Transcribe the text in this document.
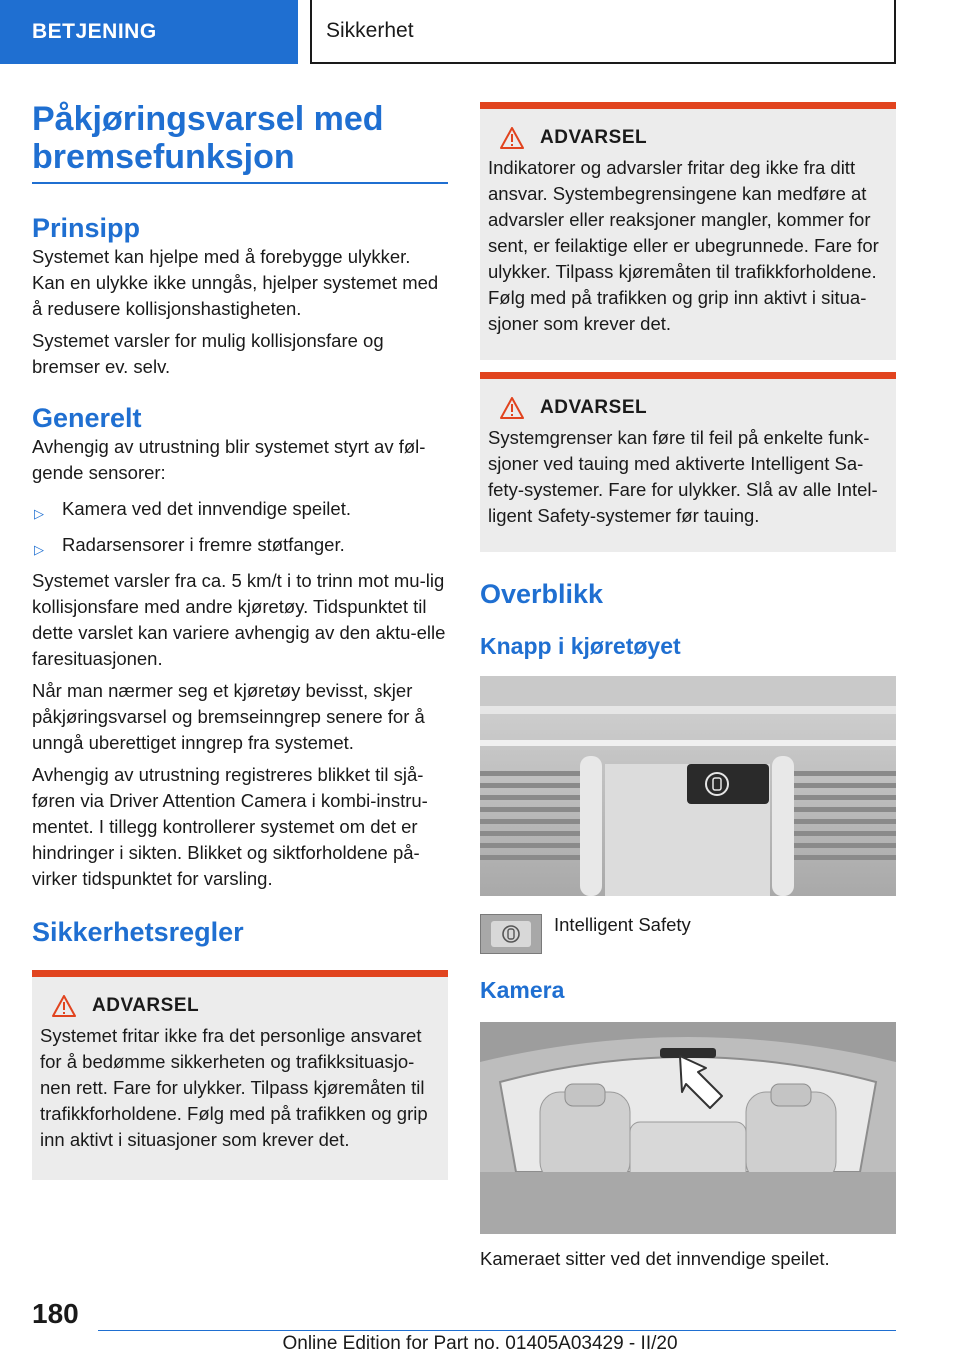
BETJENING	Sikkerhet
Påkjøringsvarsel med bremsefunksjon
Prinsipp

Systemet kan hjelpe med å forebygge ulykker. Kan en ulykke ikke unngås, hjelper systemet med å redusere kollisjonshastigheten.

Systemet varsler for mulig kollisjonsfare og bremser ev. selv.

Generelt

Avhengig av utrustning blir systemet styrt av føl-gende sensorer:

▷ Kamera ved det innvendige speilet.
▷ Radarsensorer i fremre støtfanger.

Systemet varsler fra ca. 5 km/t i to trinn mot mu-lig kollisjonsfare med andre kjøretøy. Tidspunktet til dette varslet kan variere avhengig av den aktu-elle faresituasjonen.

Når man nærmer seg et kjøretøy bevisst, skjer påkjøringsvarsel og bremseinngrep senere for å unngå uberettiget inngrep fra systemet.

Avhengig av utrustning registreres blikket til sjå-føren via Driver Attention Camera i kombi-instru-mentet. I tillegg kontrollerer systemet om det er hindringer i sikten. Blikket og siktforholdene på-virker tidspunktet for varsling.

Sikkerhetsregler
ADVARSEL

Systemet fritar ikke fra det personlige ansvaret for å bedømme sikkerheten og trafikksituasjo-nen rett. Fare for ulykker. Tilpass kjøremåten til trafikkforholdene. Følg med på trafikken og grip inn aktivt i situasjoner som krever det.

ADVARSEL

Indikatorer og advarsler fritar deg ikke fra ditt ansvar. Systembegrensingene kan medføre at advarsler eller reaksjoner mangler, kommer for sent, er feilaktige eller er ubegrunnede. Fare for ulykker. Tilpass kjøremåten til trafikkforholdene. Følg med på trafikken og grip inn aktivt i situa-sjoner som krever det.

ADVARSEL

Systemgrenser kan føre til feil på enkelte funk-sjoner ved tauing med aktiverte Intelligent Sa-fety-systemer. Fare for ulykker. Slå av alle Intel-ligent Safety-systemer før tauing.

Overblikk
Knapp i kjøretøyet

Intelligent Safety

Kamera

Kameraet sitter ved det innvendige speilet.

180
Online Edition for Part no. 01405A03429 - II/20
